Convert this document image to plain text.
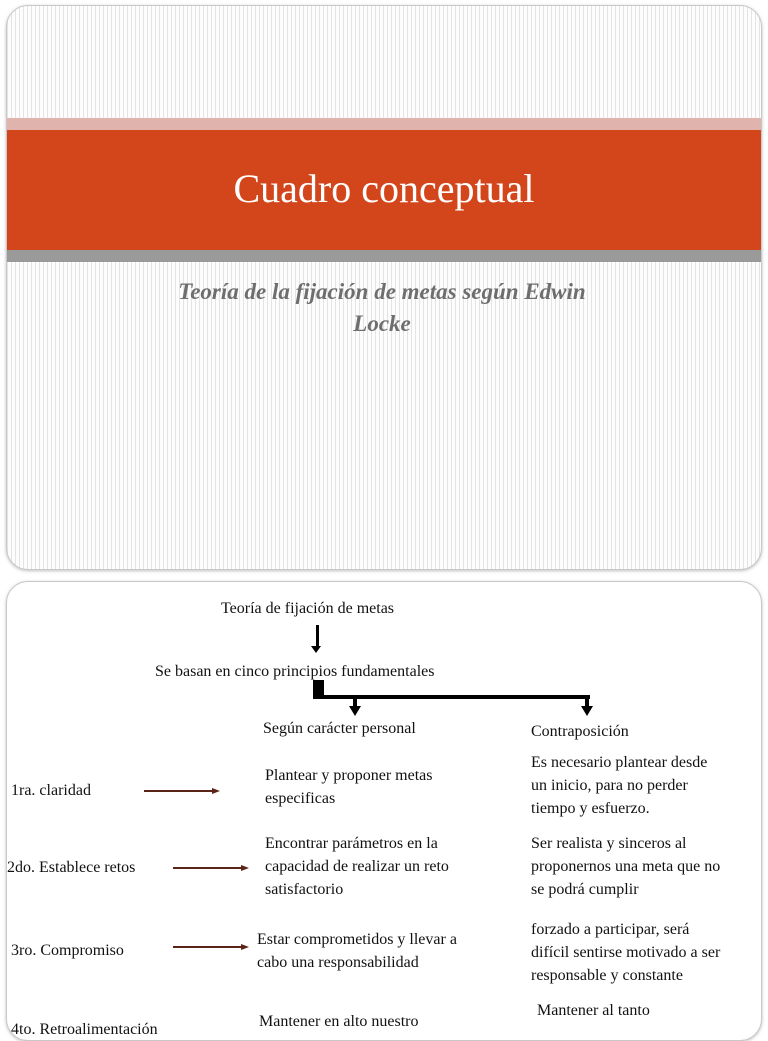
Cuadro conceptual
Teoría de la fijación de metas según Edwin
Locke

Teoría de fijación de metas

Se basan en cinco principios fundamentales

Según carácter personal	Contraposición

1ra. claridad

Plantear y proponer metas
especificas
Es necesario plantear desde
un inicio, para no perder
tiempo y esfuerzo.

2do. Establece retos

Encontrar parámetros en la
capacidad de realizar un reto
satisfactorio
Ser realista y sinceros al
proponernos una meta que no
se podrá cumplir

3ro. Compromiso

Estar comprometidos y llevar a
cabo una responsabilidad
forzado a participar, será
difícil sentirse motivado a ser
responsable y constante

4to. Retroalimentación	Mantener en alto nuestro
Mantener al tanto
